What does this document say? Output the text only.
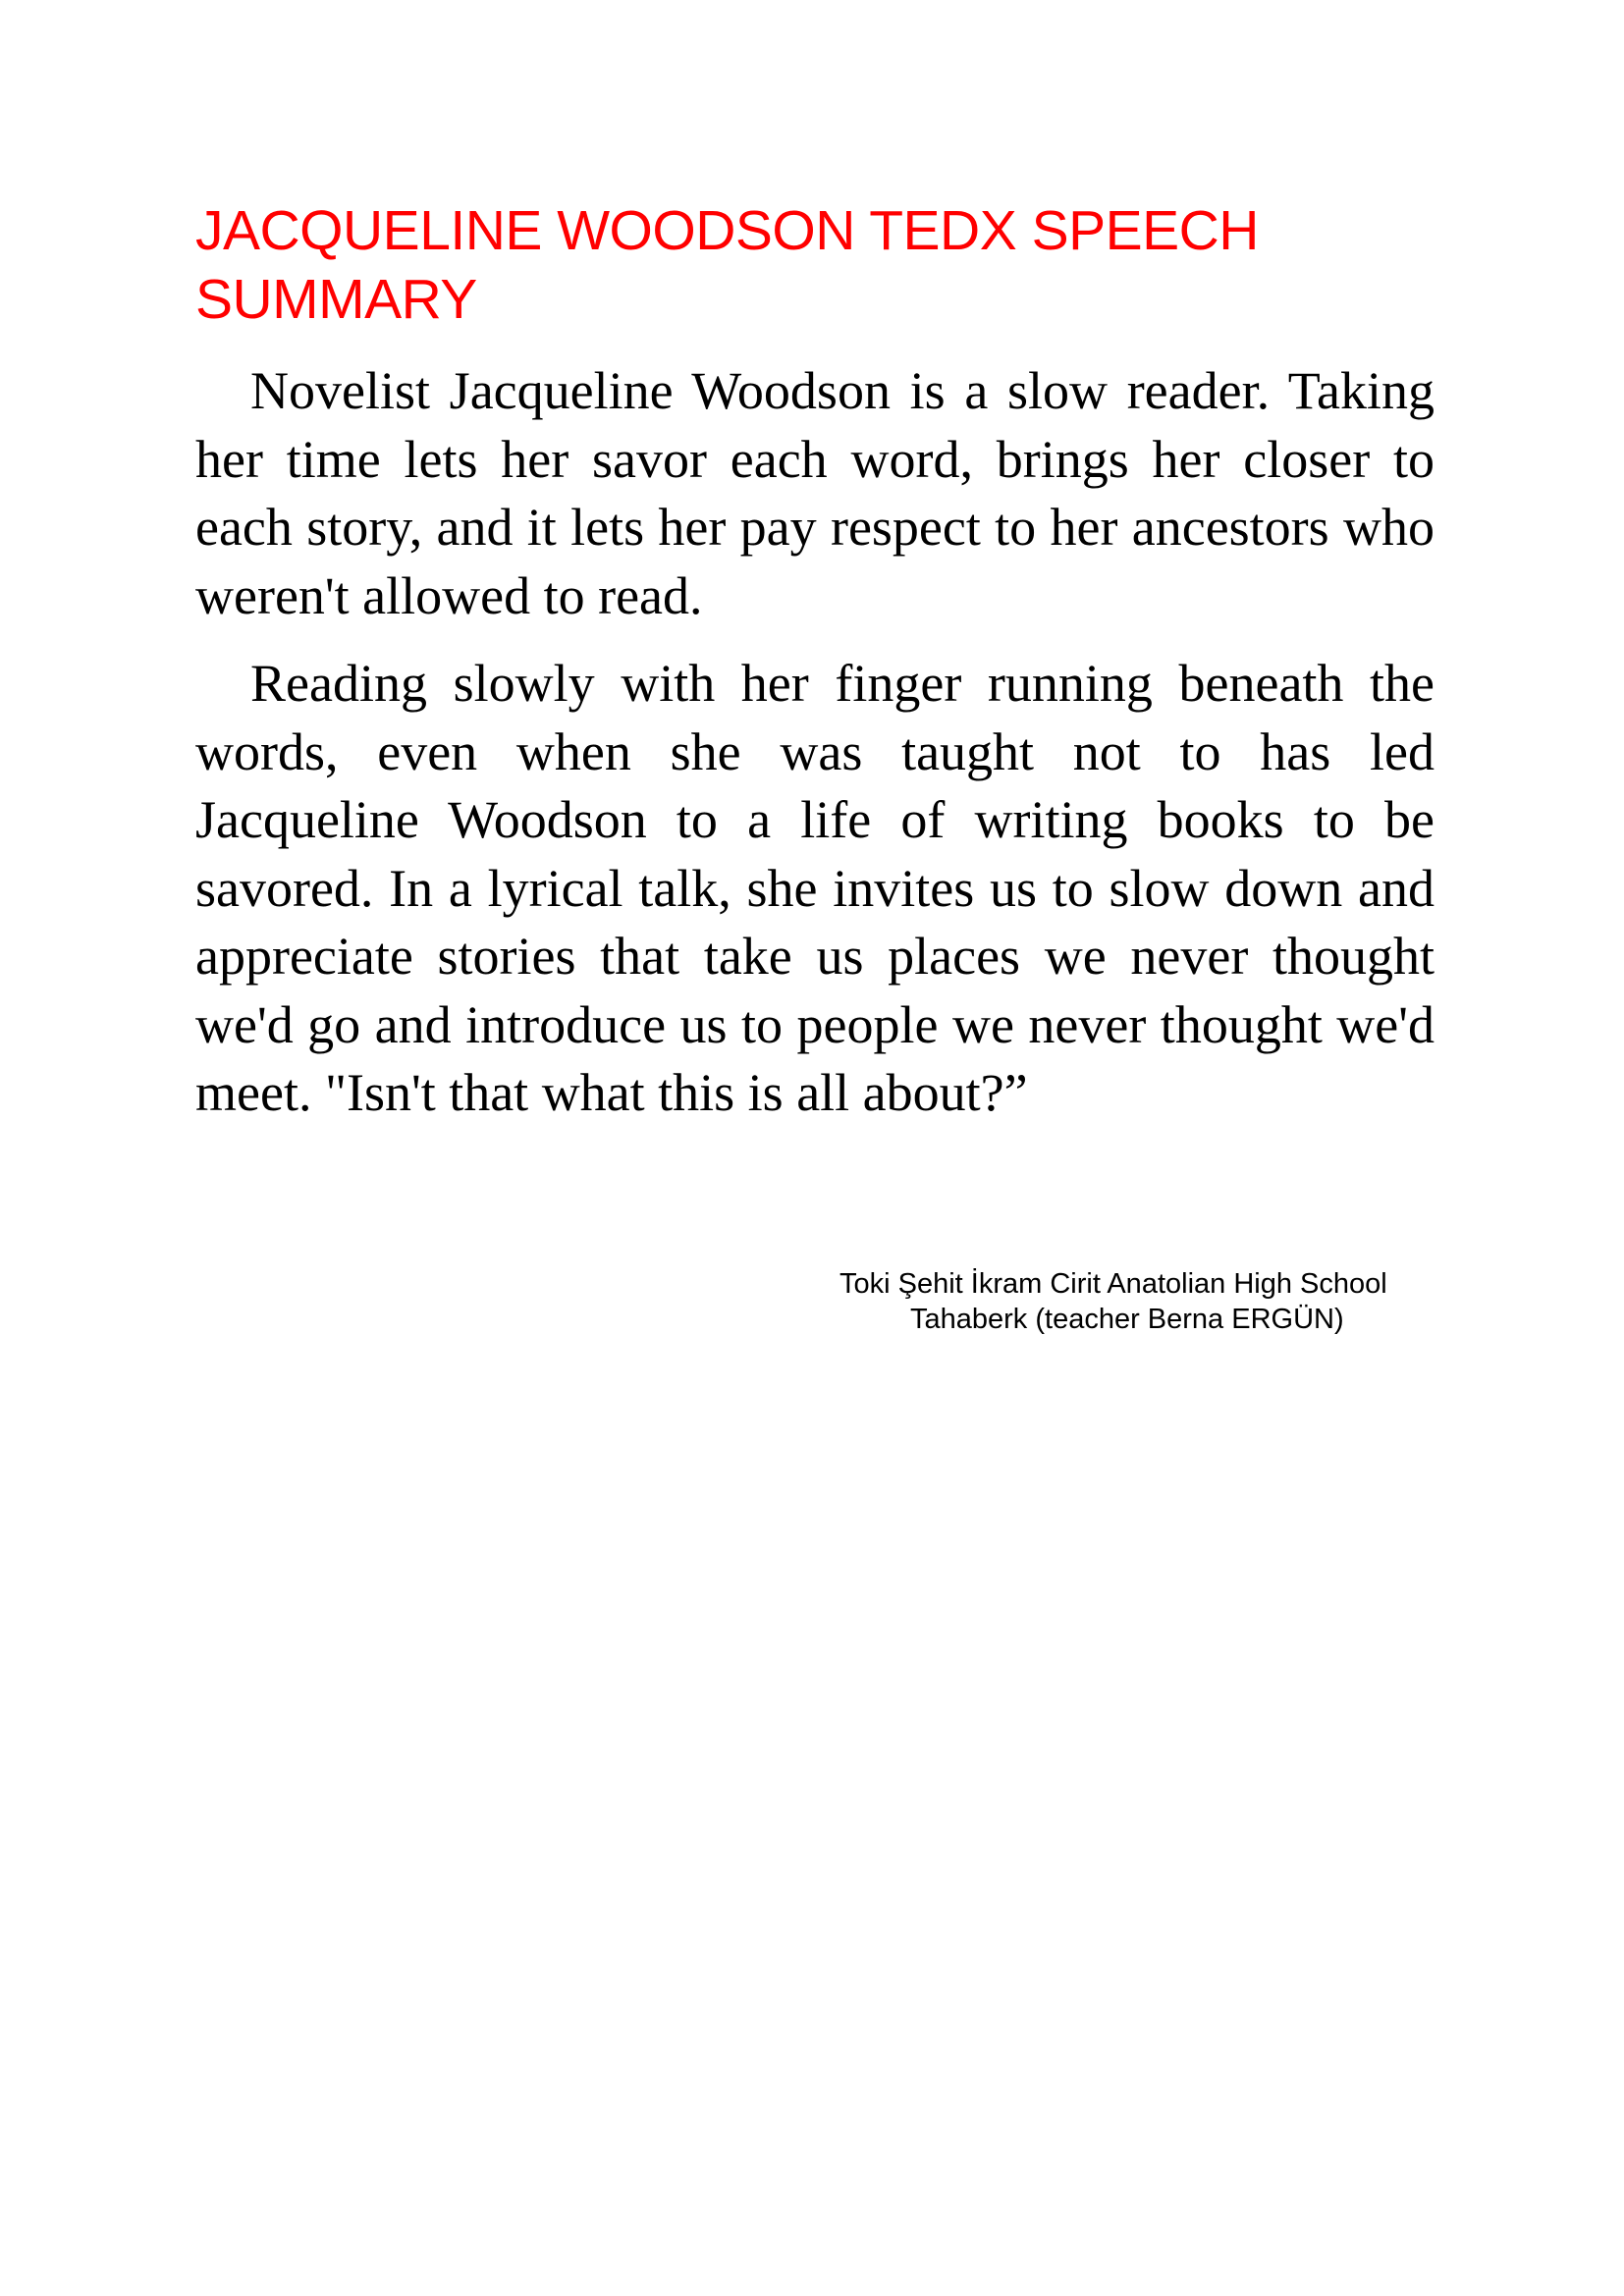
JACQUELINE WOODSON TEDX SPEECH SUMMARY

Novelist Jacqueline Woodson is a slow reader. Taking her time lets her savor each word, brings her closer to each story, and it lets her pay respect to her ancestors who weren't allowed to read.

Reading slowly with her finger running beneath the words, even when she was taught not to has led Jacqueline Woodson to a life of writing books to be savored. In a lyrical talk, she invites us to slow down and appreciate stories that take us places we never thought we'd go and introduce us to people we never thought we'd meet. "Isn't that what this is all about?”

Toki Şehit İkram Cirit Anatolian High School
Tahaberk (teacher Berna ERGÜN)
